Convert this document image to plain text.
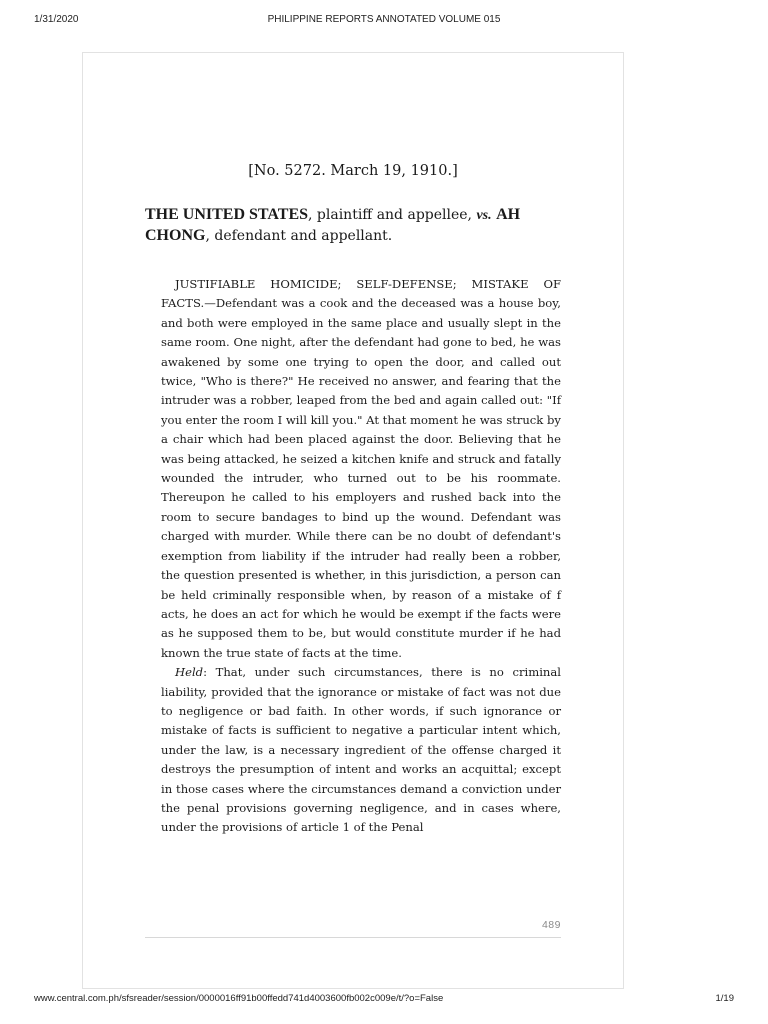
1/31/2020	PHILIPPINE REPORTS ANNOTATED VOLUME 015
[No. 5272. March 19, 1910.]
THE UNITED STATES, plaintiff and appellee, vs. AH CHONG, defendant and appellant.

JUSTIFIABLE HOMICIDE; SELF-DEFENSE; MISTAKE OF FACTS.—Defendant was a cook and the deceased was a house boy, and both were employed in the same place and usually slept in the same room. One night, after the defendant had gone to bed, he was awakened by some one trying to open the door, and called out twice, "Who is there?" He received no answer, and fearing that the intruder was a robber, leaped from the bed and again called out: "If you enter the room I will kill you." At that moment he was struck by a chair which had been placed against the door. Believing that he was being attacked, he seized a kitchen knife and struck and fatally wounded the intruder, who turned out to be his roommate. Thereupon he called to his employers and rushed back into the room to secure bandages to bind up the wound. Defendant was charged with murder. While there can be no doubt of defendant's exemption from liability if the intruder had really been a robber, the question presented is whether, in this jurisdiction, a person can be held criminally responsible when, by reason of a mistake of f acts, he does an act for which he would be exempt if the facts were as he supposed them to be, but would constitute murder if he had known the true state of facts at the time.

Held: That, under such circumstances, there is no criminal liability, provided that the ignorance or mistake of fact was not due to negligence or bad faith. In other words, if such ignorance or mistake of facts is sufficient to negative a particular intent which, under the law, is a necessary ingredient of the offense charged it destroys the presumption of intent and works an acquittal; except in those cases where the circumstances demand a conviction under the penal provisions governing negligence, and in cases where, under the provisions of article 1 of the Penal

489
www.central.com.ph/sfsreader/session/0000016ff91b00ffedd741d4003600fb002c009e/t/?o=False	1/19
